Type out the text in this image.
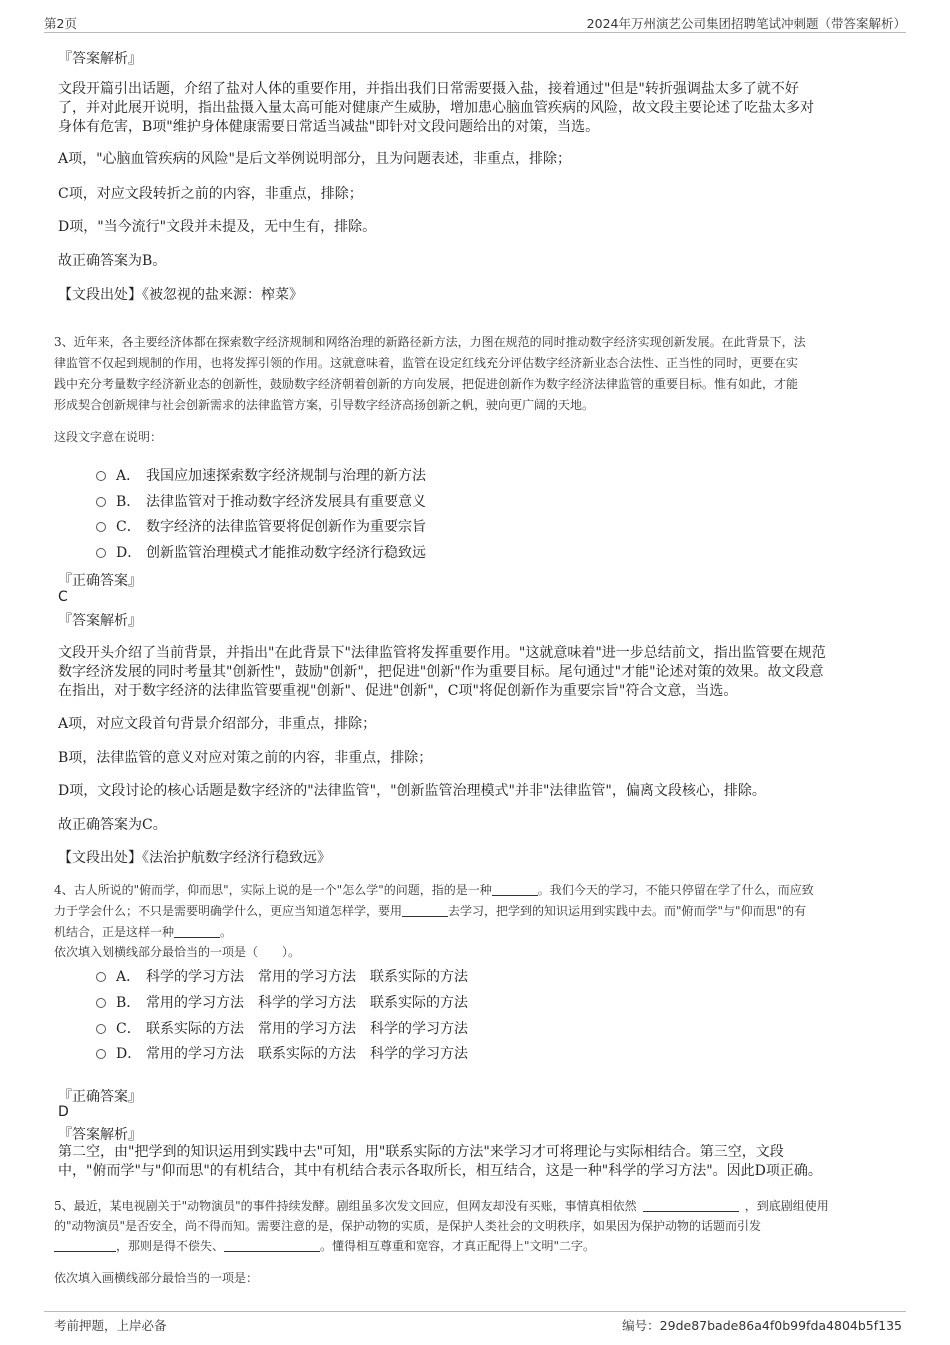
第2页	2024年万州演艺公司集团招聘笔试冲刺题（带答案解析）
『答案解析』
文段开篇引出话题，介绍了盐对人体的重要作用，并指出我们日常需要摄入盐，接着通过"但是"转折强调盐太多了就不好
了，并对此展开说明，指出盐摄入量太高可能对健康产生威胁，增加患心脑血管疾病的风险，故文段主要论述了吃盐太多对
身体有危害，B项"维护身体健康需要日常适当减盐"即针对文段问题给出的对策，当选。
A项，"心脑血管疾病的风险"是后文举例说明部分，且为问题表述，非重点，排除；
C项，对应文段转折之前的内容，非重点，排除；
D项，"当今流行"文段并未提及，无中生有，排除。
故正确答案为B。
【文段出处】《被忽视的盐来源：榨菜》
3、近年来，各主要经济体都在探索数字经济规制和网络治理的新路径新方法，力图在规范的同时推动数字经济实现创新发展。在此背景下，法
律监管不仅起到规制的作用，也将发挥引领的作用。这就意味着，监管在设定红线充分评估数字经济新业态合法性、正当性的同时，更要在实
践中充分考量数字经济新业态的创新性，鼓励数字经济朝着创新的方向发展，把促进创新作为数字经济法律监管的重要目标。惟有如此，才能
形成契合创新规律与社会创新需求的法律监管方案，引导数字经济高扬创新之帆，驶向更广阔的天地。
这段文字意在说明：
A． 我国应加速探索数字经济规制与治理的新方法
B． 法律监管对于推动数字经济发展具有重要意义
C． 数字经济的法律监管要将促创新作为重要宗旨
D． 创新监管治理模式才能推动数字经济行稳致远
『正确答案』
C
『答案解析』
文段开头介绍了当前背景，并指出"在此背景下"法律监管将发挥重要作用。"这就意味着"进一步总结前文，指出监管要在规范
数字经济发展的同时考量其"创新性"，鼓励"创新"，把促进"创新"作为重要目标。尾句通过"才能"论述对策的效果。故文段意
在指出，对于数字经济的法律监管要重视"创新"、促进"创新"，C项"将促创新作为重要宗旨"符合文意，当选。
A项，对应文段首句背景介绍部分，非重点，排除；
B项，法律监管的意义对应对策之前的内容，非重点，排除；
D项，文段讨论的核心话题是数字经济的"法律监管"，"创新监管治理模式"并非"法律监管"，偏离文段核心，排除。
故正确答案为C。
【文段出处】《法治护航数字经济行稳致远》
4、古人所说的"俯而学，仰而思"，实际上说的是一个"怎么学"的问题，指的是一种	。我们今天的学习，不能只停留在学了什么，而应致
力于学会什么；不只是需要明确学什么，更应当知道怎样学，要用	去学习，把学到的知识运用到实践中去。而"俯而学"与"仰而思"的有
机结合，正是这样一种	。
依次填入划横线部分最恰当的一项是（　　）。
A． 科学的学习方法　常用的学习方法　联系实际的方法
B． 常用的学习方法　科学的学习方法　联系实际的方法
C． 联系实际的方法　常用的学习方法　科学的学习方法
D． 常用的学习方法　联系实际的方法　科学的学习方法
『正确答案』
D
『答案解析』
第二空，由"把学到的知识运用到实践中去"可知，用"联系实际的方法"来学习才可将理论与实际相结合。第三空，文段
中，"俯而学"与"仰而思"的有机结合，其中有机结合表示各取所长，相互结合，这是一种"科学的学习方法"。因此D项正确。
5、最近，某电视剧关于"动物演员"的事件持续发酵。剧组虽多次发文回应，但网友却没有买账，事情真相依然	，到底剧组使用
的"动物演员"是否安全，尚不得而知。需要注意的是，保护动物的实质，是保护人类社会的文明秩序，如果因为保护动物的话题而引发
，那则是得不偿失、	。懂得相互尊重和宽容，才真正配得上"文明"二字。
依次填入画横线部分最恰当的一项是：
考前押题，上岸必备	编号：29de87bade86a4f0b99fda4804b5f135
